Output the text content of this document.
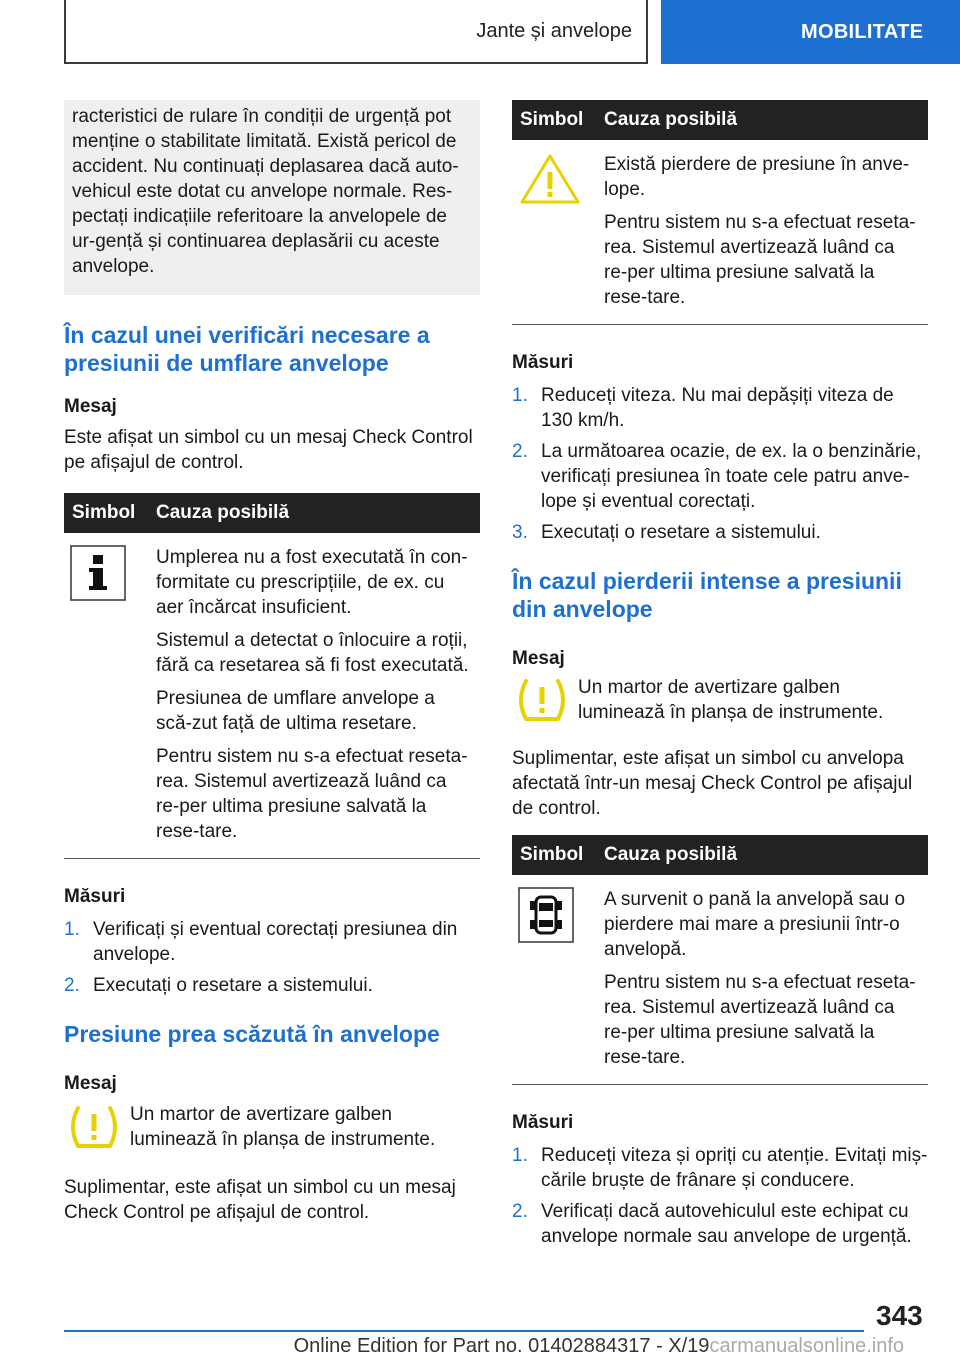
Jante și anvelope	MOBILITATE
racteristici de rulare în condiții de urgență pot menține o stabilitate limitată. Există pericol de accident. Nu continuați deplasarea dacă auto-vehicul este dotat cu anvelope normale. Res-pectați indicațiile referitoare la anvelopele de ur-gență și continuarea deplasării cu aceste anvelope.
În cazul unei verificări necesare a presiunii de umflare anvelope
Mesaj

Este afișat un simbol cu un mesaj Check Control pe afișajul de control.

Simbol	Cauza posibilă

Umplerea nu a fost executată în con-formitate cu prescripțiile, de ex. cu aer încărcat insuficient.

Sistemul a detectat o înlocuire a roții, fără ca resetarea să fi fost executată.

Presiunea de umflare anvelope a scă-zut față de ultima resetare.

Pentru sistem nu s-a efectuat reseta-rea. Sistemul avertizează luând ca re-per ultima presiune salvată la rese-tare.

Măsuri
1. Verificați și eventual corectați presiunea din anvelope.
2. Executați o resetare a sistemului.
Presiune prea scăzută în anvelope
Mesaj

Un martor de avertizare galben luminează în planșa de instrumente.

Suplimentar, este afișat un simbol cu un mesaj Check Control pe afișajul de control.

Simbol	Cauza posibilă

Există pierdere de presiune în anve-lope.

Pentru sistem nu s-a efectuat reseta-rea. Sistemul avertizează luând ca re-per ultima presiune salvată la rese-tare.

Măsuri
1. Reduceți viteza. Nu mai depășiți viteza de 130 km/h.
2. La următoarea ocazie, de ex. la o benzinărie, verificați presiunea în toate cele patru anve-lope și eventual corectați.
3. Executați o resetare a sistemului.
În cazul pierderii intense a presiunii din anvelope
Mesaj

Un martor de avertizare galben luminează în planșa de instrumente.

Suplimentar, este afișat un simbol cu anvelopa afectată într-un mesaj Check Control pe afișajul de control.

Simbol	Cauza posibilă

A survenit o pană la anvelopă sau o pierdere mai mare a presiunii într-o anvelopă.

Pentru sistem nu s-a efectuat reseta-rea. Sistemul avertizează luând ca re-per ultima presiune salvată la rese-tare.

Măsuri
1. Reduceți viteza și opriți cu atenție. Evitați miș-cările bruște de frânare și conducere.
2. Verificați dacă autovehiculul este echipat cu anvelope normale sau anvelope de urgență.
343
Online Edition for Part no. 01402884317 - X/19carmanualsonline.info
